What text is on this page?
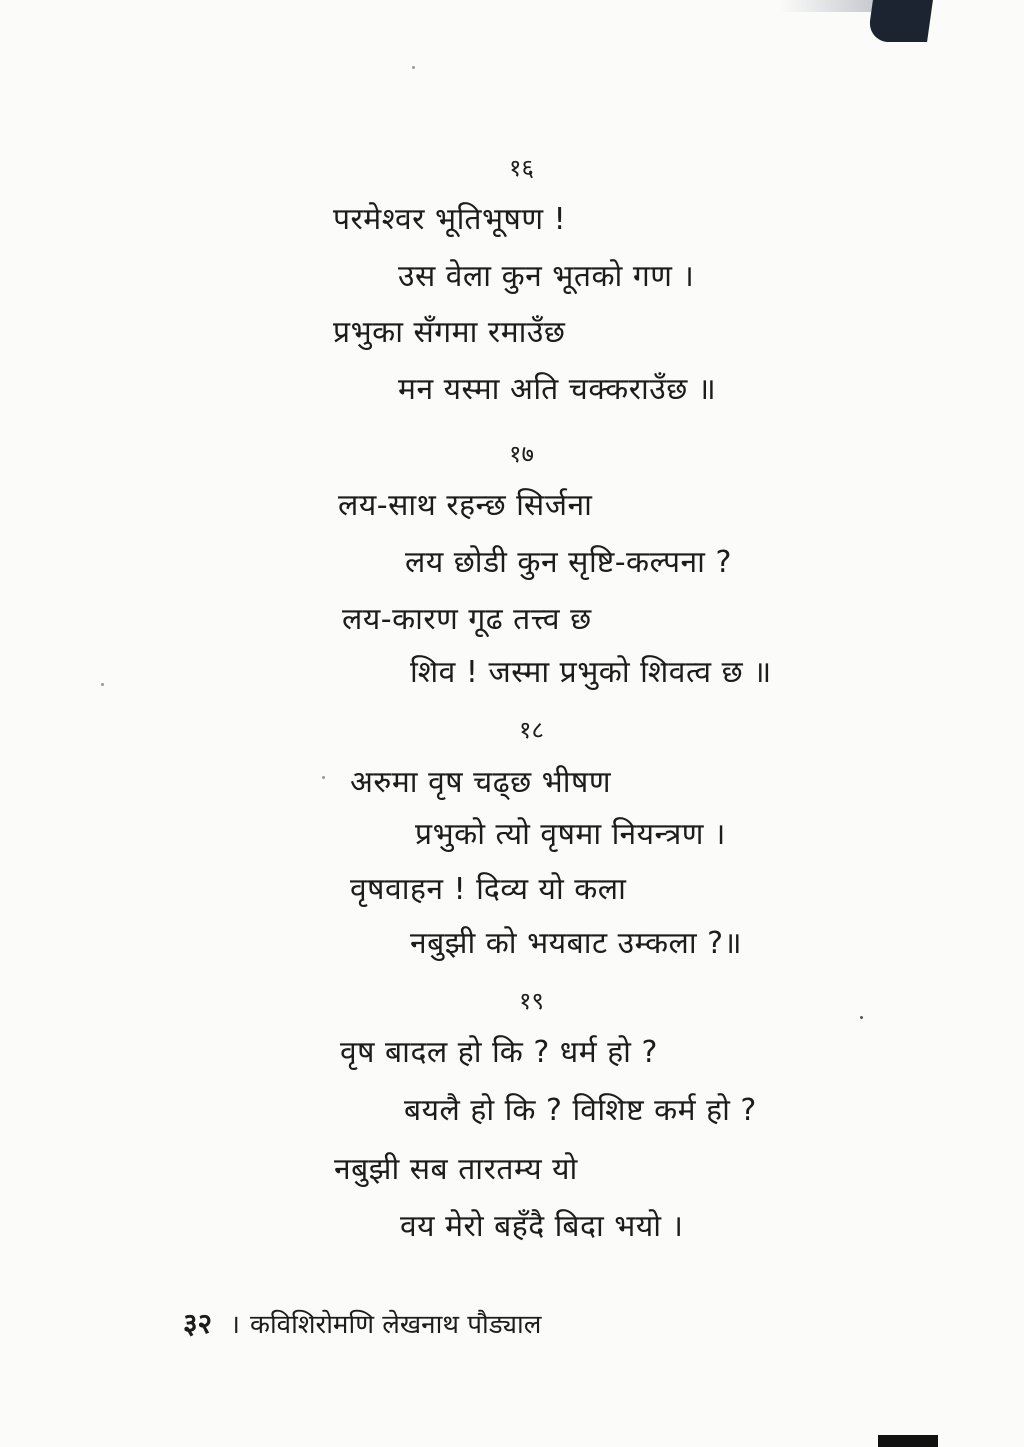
१६
परमेश्वर भूतिभूषण !
उस वेला कुन भूतको गण ।
प्रभुका सँगमा रमाउँछ
मन यस्मा अति चक्कराउँछ ॥
१७
लय-साथ रहन्छ सिर्जना
लय छोडी कुन सृष्टि-कल्पना ?
लय-कारण गूढ तत्त्व छ
शिव ! जस्मा प्रभुको शिवत्व छ ॥
१८
अरुमा वृष चढ्छ भीषण
प्रभुको त्यो वृषमा नियन्त्रण ।
वृषवाहन ! दिव्य यो कला
नबुझी को भयबाट उम्कला ?॥
१९
वृष बादल हो कि ? धर्म हो ?
बयलै हो कि ? विशिष्ट कर्म हो ?
नबुझी सब तारतम्य यो
वय मेरो बहँदै बिदा भयो ।
३२ । कविशिरोमणि लेखनाथ पौड्याल
